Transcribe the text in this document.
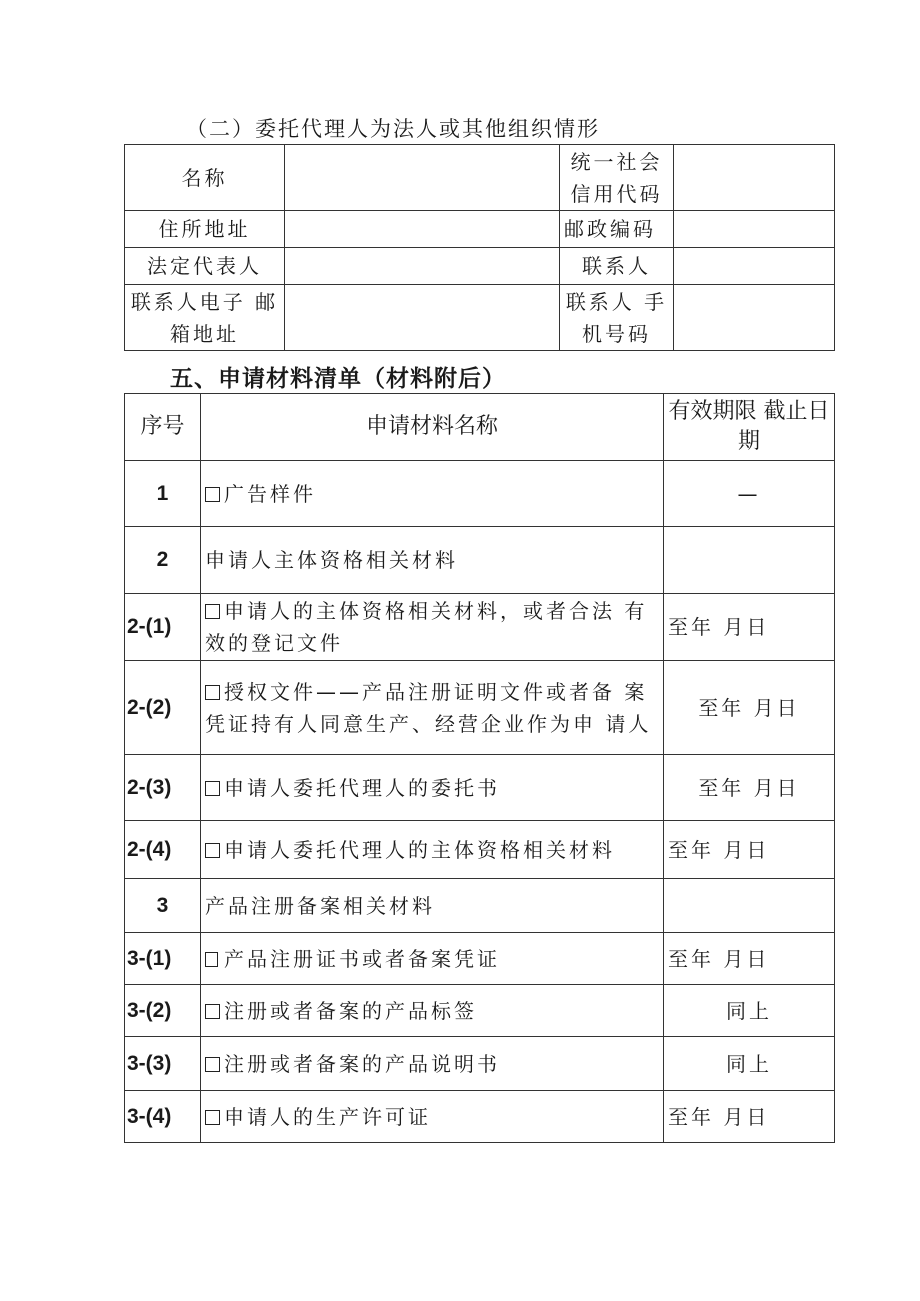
（二）委托代理人为法人或其他组织情形
名称		统一社会信用代码	
住所地址		邮政编码	
法定代表人		联系人	
联系人电子 邮箱地址		联系人 手机号码	
五、申请材料清单（材料附后）
序号	申请材料名称	有效期限 截止日期
1	广告样件	—
2	申请人主体资格相关材料	
2-(1)	申请人的主体资格相关材料，或者合法 有效的登记文件	至年 月日
2-(2)	授权文件——产品注册证明文件或者备 案凭证持有人同意生产、经营企业作为申 请人	至年 月日
2-(3)	申请人委托代理人的委托书	至年 月日
2-(4)	申请人委托代理人的主体资格相关材料	至年 月日
3	产品注册备案相关材料	
3-(1)	产品注册证书或者备案凭证	至年 月日
3-(2)	注册或者备案的产品标签	同上
3-(3)	注册或者备案的产品说明书	同上
3-(4)	申请人的生产许可证	至年 月日
